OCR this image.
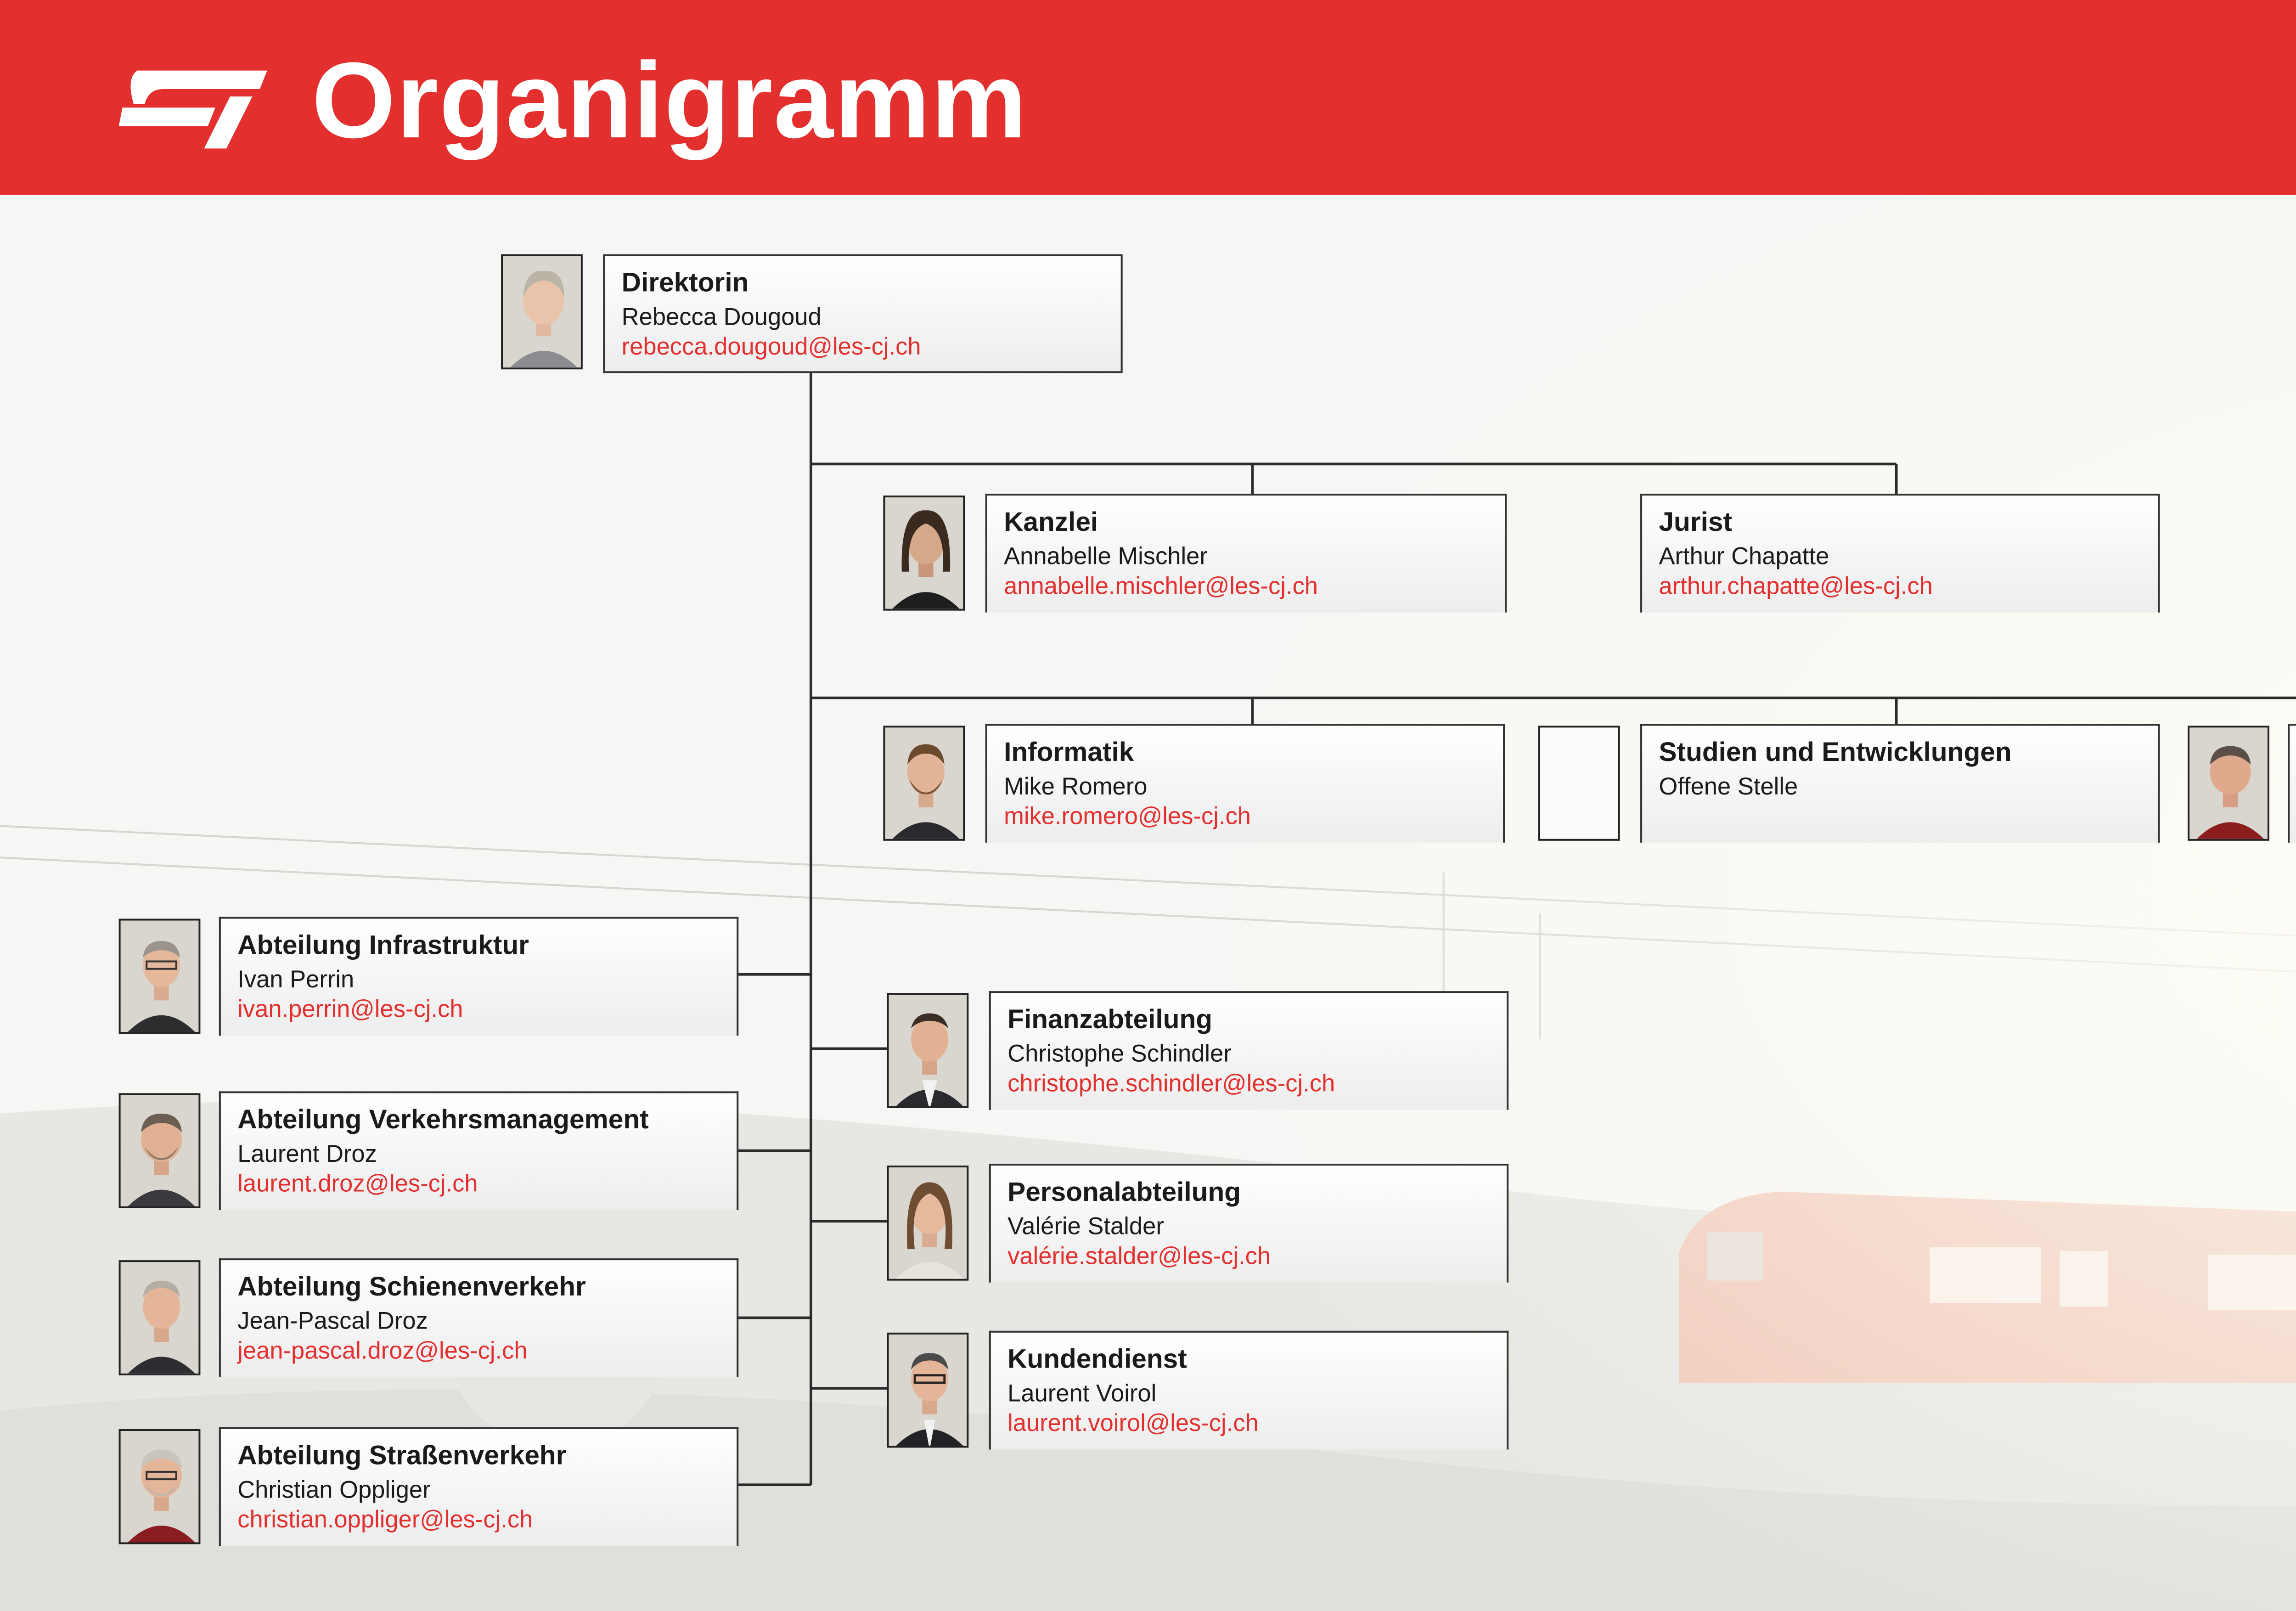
Organigramm
Direktorin
Rebecca Dougoud
rebecca.dougoud@les-cj.ch
Kanzlei
Annabelle Mischler
annabelle.mischler@les-cj.ch
Jurist
Arthur Chapatte
arthur.chapatte@les-cj.ch
Informatik
Mike Romero
mike.romero@les-cj.ch
Studien und Entwicklungen
Offene Stelle
Abteilung Infrastruktur
Ivan Perrin
ivan.perrin@les-cj.ch
Abteilung Verkehrsmanagement
Laurent Droz
laurent.droz@les-cj.ch
Abteilung Schienenverkehr
Jean-Pascal Droz
jean-pascal.droz@les-cj.ch
Abteilung Straßenverkehr
Christian Oppliger
christian.oppliger@les-cj.ch
Finanzabteilung
Christophe Schindler
christophe.schindler@les-cj.ch
Personalabteilung
Valérie Stalder
valérie.stalder@les-cj.ch
Kundendienst
Laurent Voirol
laurent.voirol@les-cj.ch
